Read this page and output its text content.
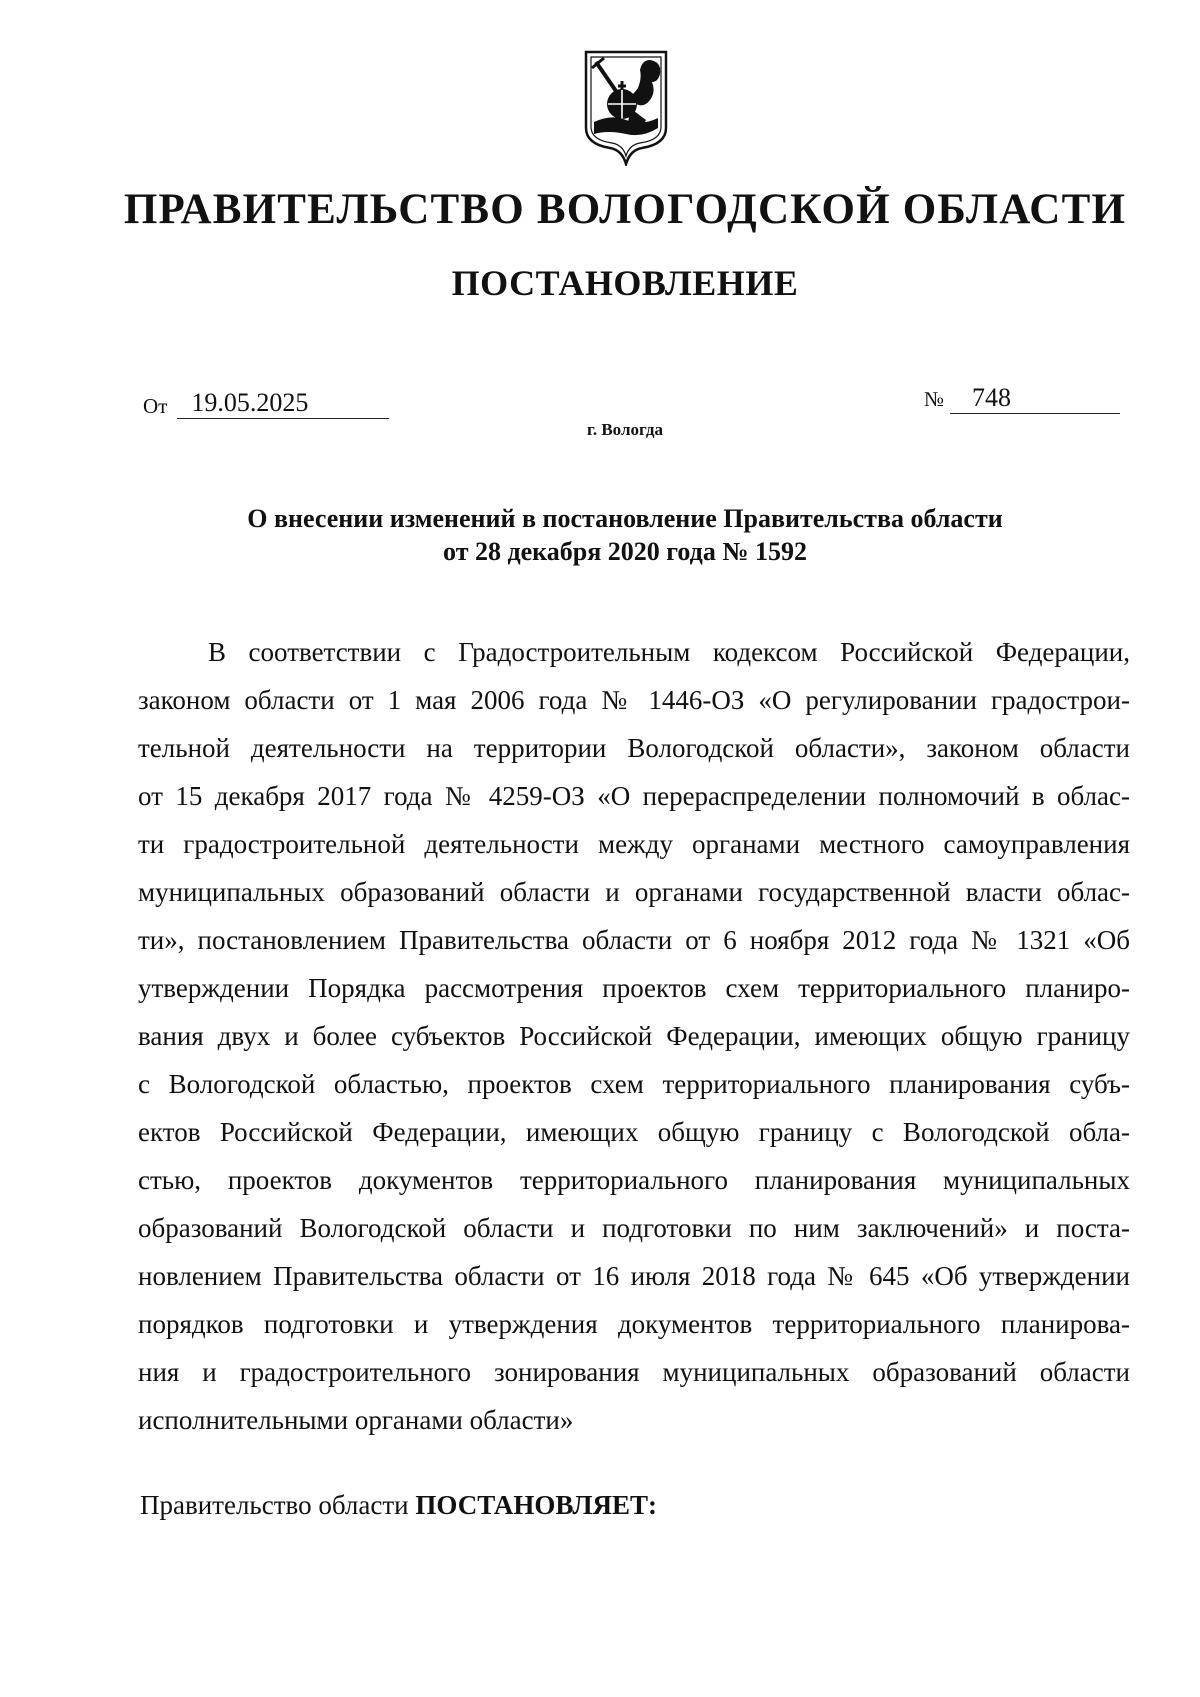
ПРАВИТЕЛЬСТВО ВОЛОГОДСКОЙ ОБЛАСТИ
ПОСТАНОВЛЕНИЕ
От 19.05.2025	№ 748
г. Вологда
О внесении изменений в постановление Правительства области
от 28 декабря 2020 года № 1592
В соответствии с Градостроительным кодексом Российской Федерации,
законом области от 1 мая 2006 года № 1446-ОЗ «О регулировании градострои-
тельной деятельности на территории Вологодской области», законом области
от 15 декабря 2017 года № 4259-ОЗ «О перераспределении полномочий в облас-
ти градостроительной деятельности между органами местного самоуправления
муниципальных образований области и органами государственной власти облас-
ти», постановлением Правительства области от 6 ноября 2012 года № 1321 «Об
утверждении Порядка рассмотрения проектов схем территориального планиро-
вания двух и более субъектов Российской Федерации, имеющих общую границу
с Вологодской областью, проектов схем территориального планирования субъ-
ектов Российской Федерации, имеющих общую границу с Вологодской обла-
стью, проектов документов территориального планирования муниципальных
образований Вологодской области и подготовки по ним заключений» и поста-
новлением Правительства области от 16 июля 2018 года № 645 «Об утверждении
порядков подготовки и утверждения документов территориального планирова-
ния и градостроительного зонирования муниципальных образований области
исполнительными органами области»
Правительство области ПОСТАНОВЛЯЕТ:
